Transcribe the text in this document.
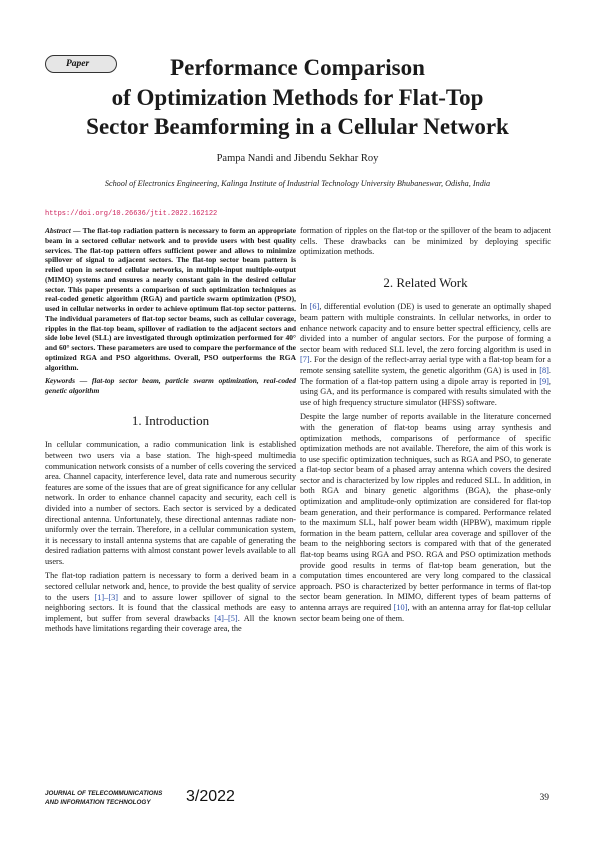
Paper	Performance Comparison
of Optimization Methods for Flat-Top
Sector Beamforming in a Cellular Network
Pampa Nandi and Jibendu Sekhar Roy
School of Electronics Engineering, Kalinga Institute of Industrial Technology University Bhubaneswar, Odisha, India
https://doi.org/10.26636/jtit.2022.162122

Abstract — The flat-top radiation pattern is necessary to form an appropriate beam in a sectored cellular network and to provide users with best quality services. The flat-top pattern offers sufficient power and allows to minimize spillover of signal to adjacent sectors. The flat-top sector beam pattern is relied upon in sectored cellular networks, in multiple-input multiple-output (MIMO) systems and ensures a nearly constant gain in the desired cellular sector. This paper presents a comparison of such optimization techniques as real-coded genetic algorithm (RGA) and particle swarm optimization (PSO), used in cellular networks in order to achieve optimum flat-top sector patterns. The individual parameters of flat-top sector beams, such as cellular coverage, ripples in the flat-top beam, spillover of radiation to the adjacent sectors and side lobe level (SLL) are investigated through optimization performed for 40° and 60° sectors. These parameters are used to compare the performance of the optimized RGA and PSO algorithms. Overall, PSO outperforms the RGA algorithm.

Keywords — flat-top sector beam, particle swarm optimization, real-coded genetic algorithm

1. Introduction

In cellular communication, a radio communication link is established between two users via a base station. The high-speed multimedia communication network consists of a number of cells covering the serviced area. Channel capacity, interference level, data rate and numerous security features are some of the issues that are of great significance for any cellular network. In order to enhance channel capacity and security, each cell is divided into a number of sectors. Each sector is serviced by a dedicated directional antenna. Unfortunately, these directional antennas radiate non-uniformly over the terrain. Therefore, in a cellular communication system, it is necessary to install antenna systems that are capable of generating the desired radiation patterns with almost constant power levels available to all users.

The flat-top radiation pattern is necessary to form a derived beam in a sectored cellular network and, hence, to provide the best quality of service to the users [1]–[3] and to assure lower spillover of signal to the neighboring sectors. It is found that the classical methods are easy to implement, but suffer from several drawbacks [4]–[5]. All the known methods have limitations regarding their coverage area, the

formation of ripples on the flat-top or the spillover of the beam to adjacent cells. These drawbacks can be minimized by deploying specific optimization methods.

2. Related Work

In [6], differential evolution (DE) is used to generate an optimally shaped beam pattern with multiple constraints. In cellular networks, in order to enhance network capacity and to ensure better spectral efficiency, cells are divided into a number of angular sectors. For the purpose of forming a sector beam with reduced SLL level, the zero forcing algorithm is used in [7]. For the design of the reflect-array aerial type with a flat-top beam for a remote sensing satellite system, the genetic algorithm (GA) is used in [8]. The formation of a flat-top pattern using a dipole array is reported in [9], using GA, and its performance is compared with results simulated with the use of high frequency structure simulator (HFSS) software.

Despite the large number of reports available in the literature concerned with the generation of flat-top beams using array synthesis and optimization methods, comparisons of performance of specific optimization methods are not available. Therefore, the aim of this work is to use specific optimization techniques, such as RGA and PSO, to generate a flat-top sector beam of a phased array antenna which covers the desired sector and is characterized by low ripples and reduced SLL. In addition, in both RGA and binary genetic algorithms (BGA), the phase-only optimization and amplitude-only optimization are considered for flat-top beam generation, and their performance is compared. Performance related to the maximum SLL, half power beam width (HPBW), maximum ripple formation in the beam pattern, cellular area coverage and spillover of the beam to the neighboring sectors is compared with that of the generated flat-top beams using RGA and PSO. RGA and PSO optimization methods provide good results in terms of flat-top beam generation, but the computation times encountered are very long compared to the classical approach. PSO is characterized by better performance in terms of flat-top sector beam generation. In MIMO, different types of beam patterns of antenna arrays are required [10], with an antenna array for flat-top cellular sector beam being one of them.

JOURNAL OF TELECOMMUNICATIONS
AND INFORMATION TECHNOLOGY	3/2022	39
